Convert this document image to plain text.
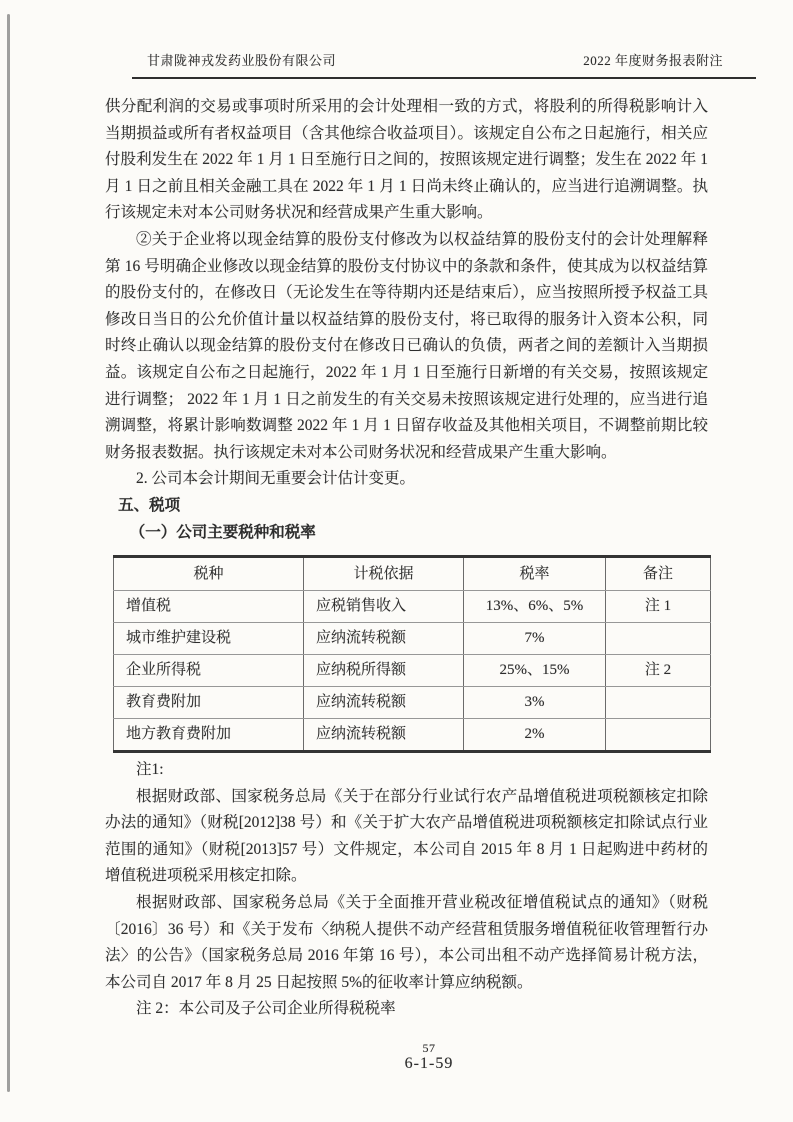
甘肃陇神戎发药业股份有限公司	2022 年度财务报表附注

供分配利润的交易或事项时所采用的会计处理相一致的方式，将股利的所得税影响计入当期损益或所有者权益项目（含其他综合收益项目）。该规定自公布之日起施行，相关应付股利发生在 2022 年 1 月 1 日至施行日之间的，按照该规定进行调整；发生在 2022 年 1 月 1 日之前且相关金融工具在 2022 年 1 月 1 日尚未终止确认的，应当进行追溯调整。执行该规定未对本公司财务状况和经营成果产生重大影响。

②关于企业将以现金结算的股份支付修改为以权益结算的股份支付的会计处理解释第 16 号明确企业修改以现金结算的股份支付协议中的条款和条件，使其成为以权益结算的股份支付的，在修改日（无论发生在等待期内还是结束后），应当按照所授予权益工具修改日当日的公允价值计量以权益结算的股份支付，将已取得的服务计入资本公积，同时终止确认以现金结算的股份支付在修改日已确认的负债，两者之间的差额计入当期损益。该规定自公布之日起施行，2022 年 1 月 1 日至施行日新增的有关交易，按照该规定进行调整； 2022 年 1 月 1 日之前发生的有关交易未按照该规定进行处理的，应当进行追溯调整，将累计影响数调整 2022 年 1 月 1 日留存收益及其他相关项目，不调整前期比较财务报表数据。执行该规定未对本公司财务状况和经营成果产生重大影响。

2. 公司本会计期间无重要会计估计变更。

五、税项
（一）公司主要税种和税率
税种	计税依据	税率	备注
增值税	应税销售收入	13%、6%、5%	注 1
城市维护建设税	应纳流转税额	7%	
企业所得税	应纳税所得额	25%、15%	注 2
教育费附加	应纳流转税额	3%	
地方教育费附加	应纳流转税额	2%	

注1:

根据财政部、国家税务总局《关于在部分行业试行农产品增值税进项税额核定扣除办法的通知》（财税[2012]38 号）和《关于扩大农产品增值税进项税额核定扣除试点行业范围的通知》（财税[2013]57 号）文件规定，本公司自 2015 年 8 月 1 日起购进中药材的增值税进项税采用核定扣除。

根据财政部、国家税务总局《关于全面推开营业税改征增值税试点的通知》（财税〔2016〕36 号）和《关于发布〈纳税人提供不动产经营租赁服务增值税征收管理暂行办法〉的公告》（国家税务总局 2016 年第 16 号），本公司出租不动产选择简易计税方法，本公司自 2017 年 8 月 25 日起按照 5%的征收率计算应纳税额。

注 2：本公司及子公司企业所得税税率

57
6-1-59
